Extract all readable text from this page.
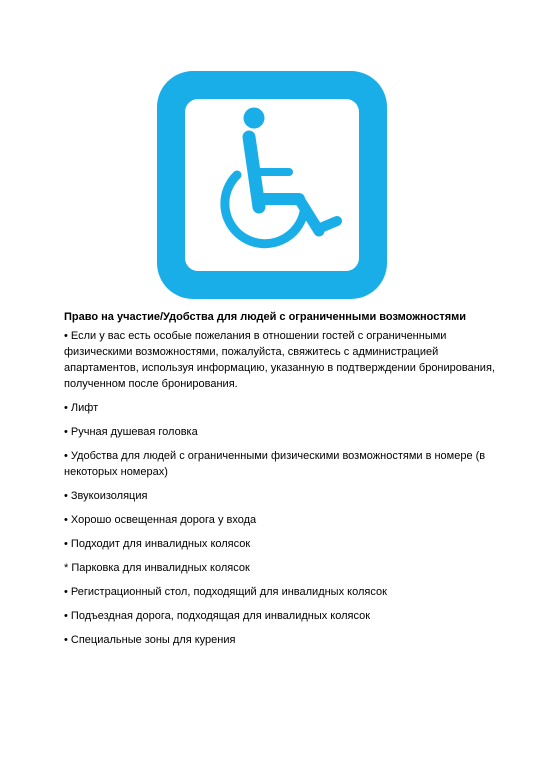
Право на участие/Удобства для людей с ограниченными возможностями
• Если у вас есть особые пожелания в отношении гостей с ограниченными физическими возможностями, пожалуйста, свяжитесь с администрацией апартаментов, используя информацию, указанную в подтверждении бронирования, полученном после бронирования.
• Лифт
• Ручная душевая головка
• Удобства для людей с ограниченными физическими возможностями в номере (в некоторых номерах)
• Звукоизоляция
• Хорошо освещенная дорога у входа
• Подходит для инвалидных колясок
* Парковка для инвалидных колясок
• Регистрационный стол, подходящий для инвалидных колясок
• Подъездная дорога, подходящая для инвалидных колясок
• Специальные зоны для курения
